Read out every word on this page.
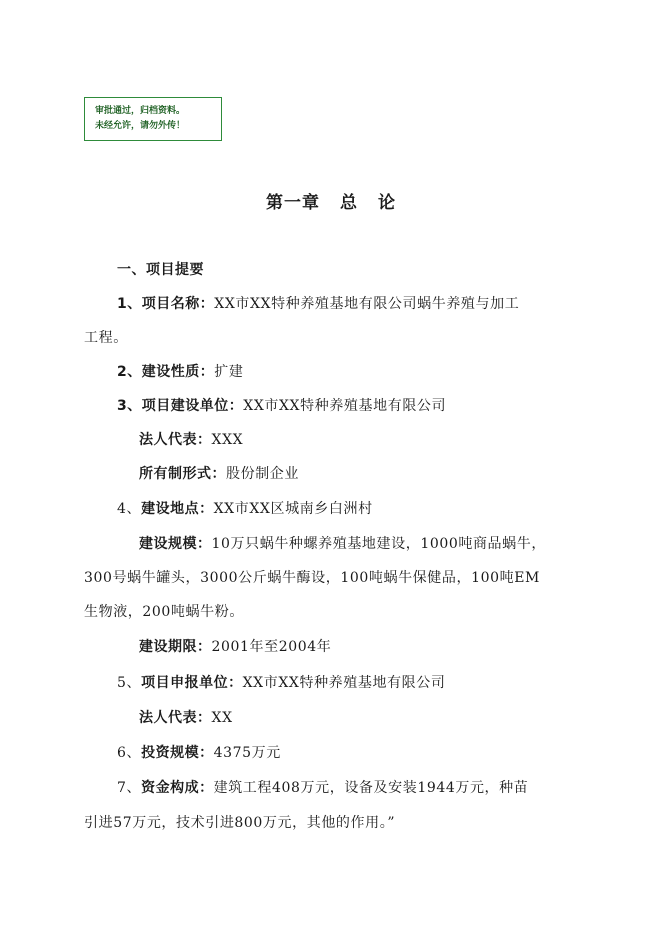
审批通过，归档资料。
未经允许，请勿外传！
第一章 总 论
一、项目提要
1、项目名称：XX市XX特种养殖基地有限公司蜗牛养殖与加工
工程。
2、建设性质：扩建
3、项目建设单位：XX市XX特种养殖基地有限公司
法人代表：XXX
所有制形式：股份制企业
4、建设地点：XX市XX区城南乡白洲村
建设规模：10万只蜗牛种螺养殖基地建设，1000吨商品蜗牛，
300号蜗牛罐头，3000公斤蜗牛酶设，100吨蜗牛保健品，100吨EM
生物液，200吨蜗牛粉。
建设期限：2001年至2004年
5、项目申报单位：XX市XX特种养殖基地有限公司
法人代表：XX
6、投资规模：4375万元
7、资金构成：建筑工程408万元，设备及安装1944万元，种苗
引进57万元，技术引进800万元，其他的作用。”
